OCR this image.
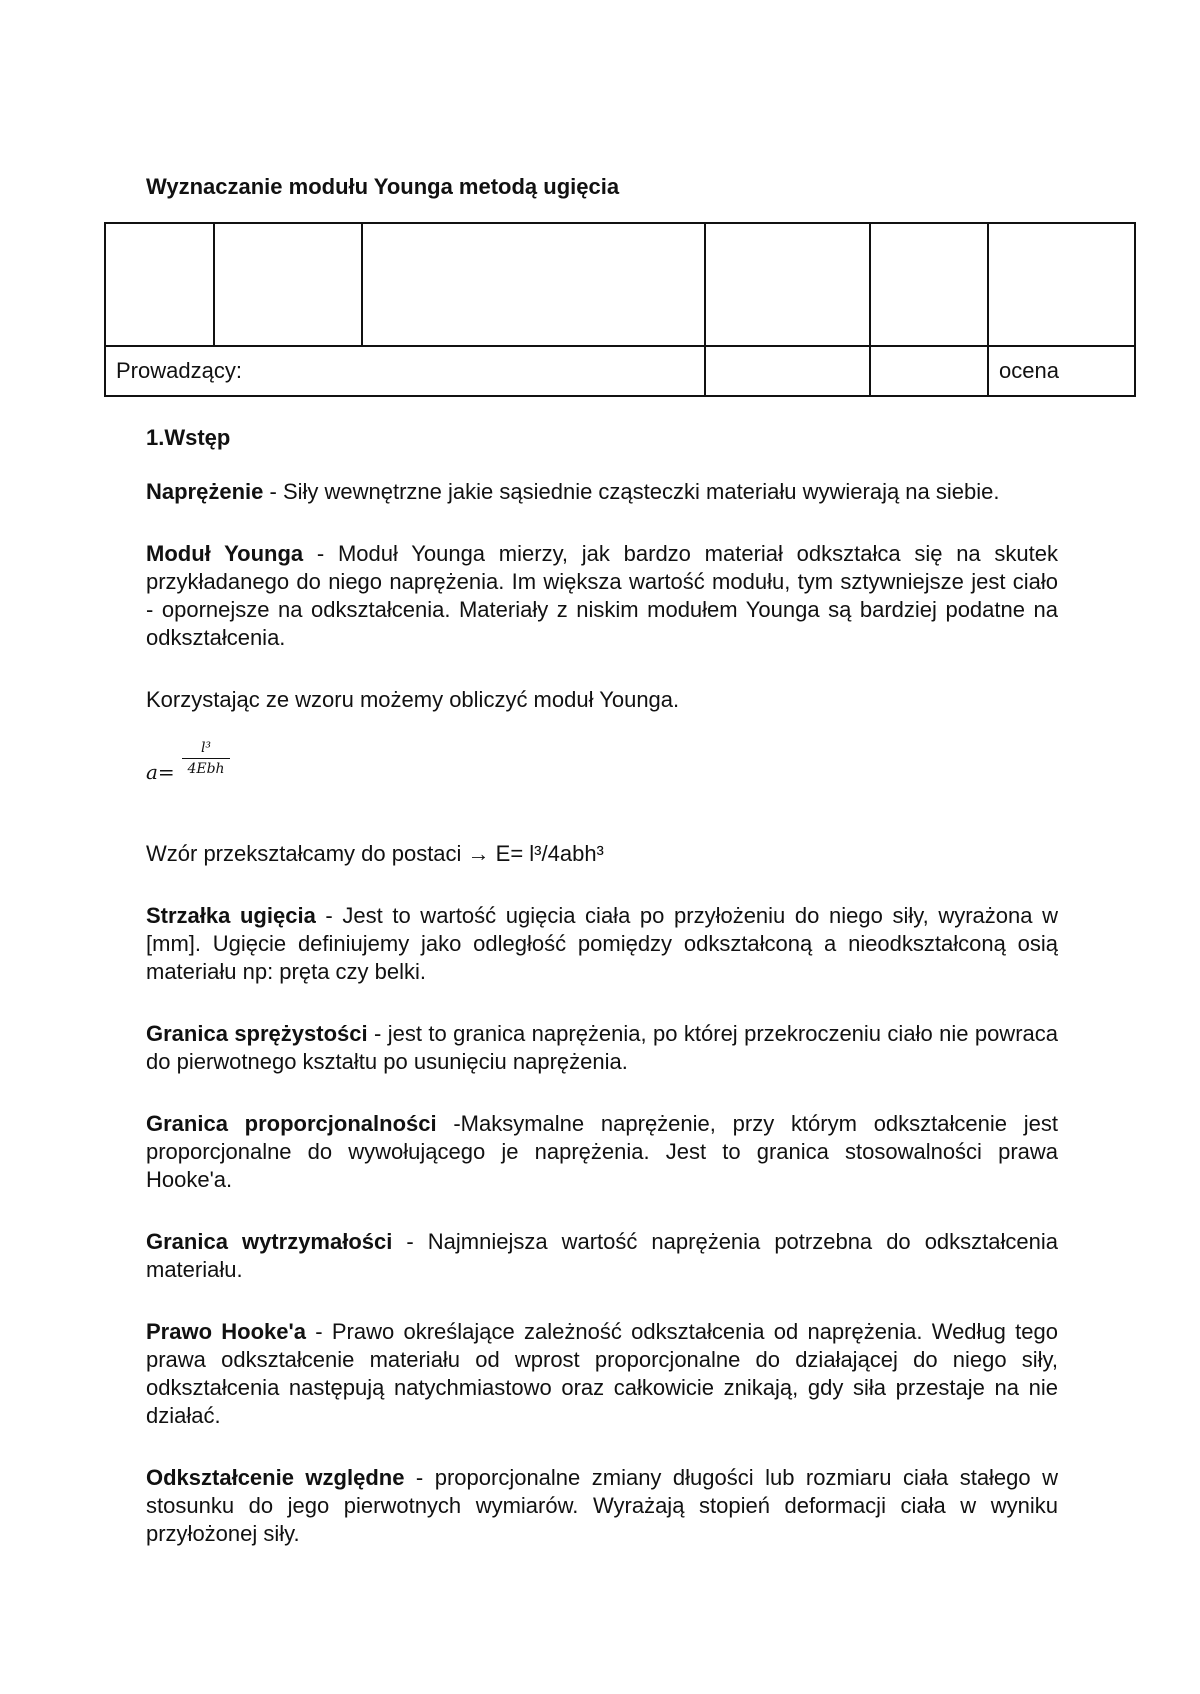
Wyznaczanie modułu Younga metodą ugięcia

Prowadzący:					ocena

1.Wstęp

Naprężenie - Siły wewnętrzne jakie sąsiednie cząsteczki materiału wywierają na siebie.

Moduł Younga - Moduł Younga mierzy, jak bardzo materiał odkształca się na skutek przykładanego do niego naprężenia. Im większa wartość modułu, tym sztywniejsze jest ciało - opornejsze na odkształcenia. Materiały z niskim modułem Younga są bardziej podatne na odkształcenia.

Korzystając ze wzoru możemy obliczyć moduł Younga.

a=
l³
4Ebh

Wzór przekształcamy do postaci → E= l³/4abh³

Strzałka ugięcia - Jest to wartość ugięcia ciała po przyłożeniu do niego siły, wyrażona w [mm]. Ugięcie definiujemy jako odległość pomiędzy odkształconą a nieodkształconą osią materiału np: pręta czy belki.

Granica sprężystości - jest to granica naprężenia, po której przekroczeniu ciało nie powraca do pierwotnego kształtu po usunięciu naprężenia.

Granica proporcjonalności -Maksymalne naprężenie, przy którym odkształcenie jest proporcjonalne do wywołującego je naprężenia. Jest to granica stosowalności prawa Hooke'a.

Granica wytrzymałości - Najmniejsza wartość naprężenia potrzebna do odkształcenia materiału.

Prawo Hooke'a - Prawo określające zależność odkształcenia od naprężenia. Według tego prawa odkształcenie materiału od wprost proporcjonalne do działającej do niego siły, odkształcenia następują natychmiastowo oraz całkowicie znikają, gdy siła przestaje na nie działać.

Odkształcenie względne - proporcjonalne zmiany długości lub rozmiaru ciała stałego w stosunku do jego pierwotnych wymiarów. Wyrażają stopień deformacji ciała w wyniku przyłożonej siły.
